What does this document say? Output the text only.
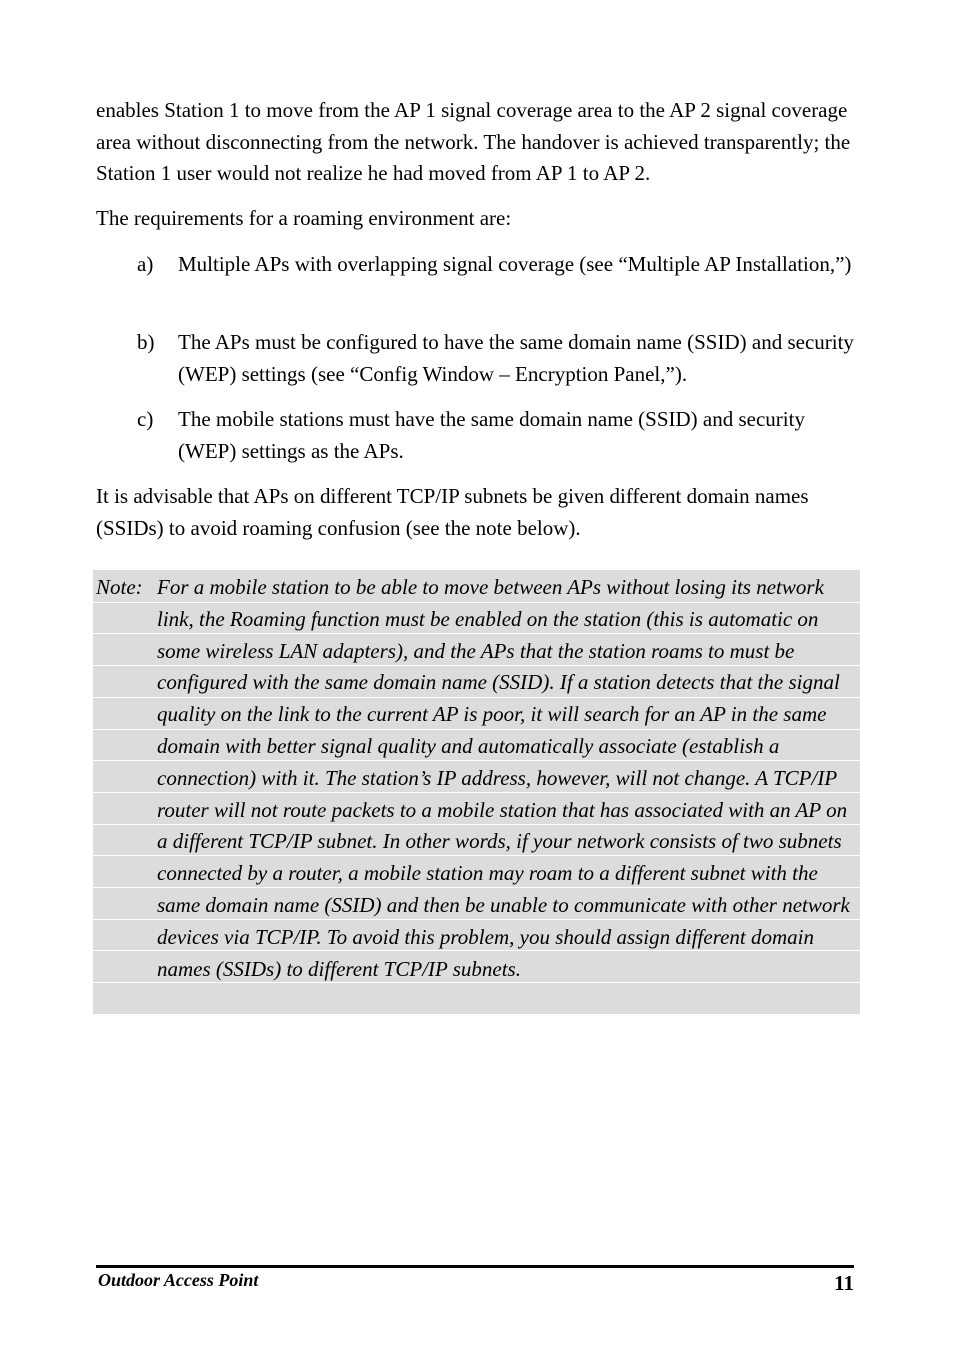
enables Station 1 to move from the AP 1 signal coverage area to the AP 2 signal coverage area without disconnecting from the network. The handover is achieved transparently; the Station 1 user would not realize he had moved from AP 1 to AP 2.

The requirements for a roaming environment are:

a)	Multiple APs with overlapping signal coverage (see “Multiple AP Installation,”)
b)	The APs must be configured to have the same domain name (SSID) and security (WEP) settings (see “Config Window – Encryption Panel,”).
c)	The mobile stations must have the same domain name (SSID) and security (WEP) settings as the APs.

It is advisable that APs on different TCP/IP subnets be given different domain names (SSIDs) to avoid roaming confusion (see the note below).

Note: For a mobile station to be able to move between APs without losing its network link, the Roaming function must be enabled on the station (this is automatic on some wireless LAN adapters), and the APs that the station roams to must be configured with the same domain name (SSID). If a station detects that the signal quality on the link to the current AP is poor, it will search for an AP in the same domain with better signal quality and automatically associate (establish a connection) with it. The station’s IP address, however, will not change. A TCP/IP router will not route packets to a mobile station that has associated with an AP on a different TCP/IP subnet. In other words, if your network consists of two subnets connected by a router, a mobile station may roam to a different subnet with the same domain name (SSID) and then be unable to communicate with other network devices via TCP/IP. To avoid this problem, you should assign different domain names (SSIDs) to different TCP/IP subnets.
Outdoor Access Point	11
